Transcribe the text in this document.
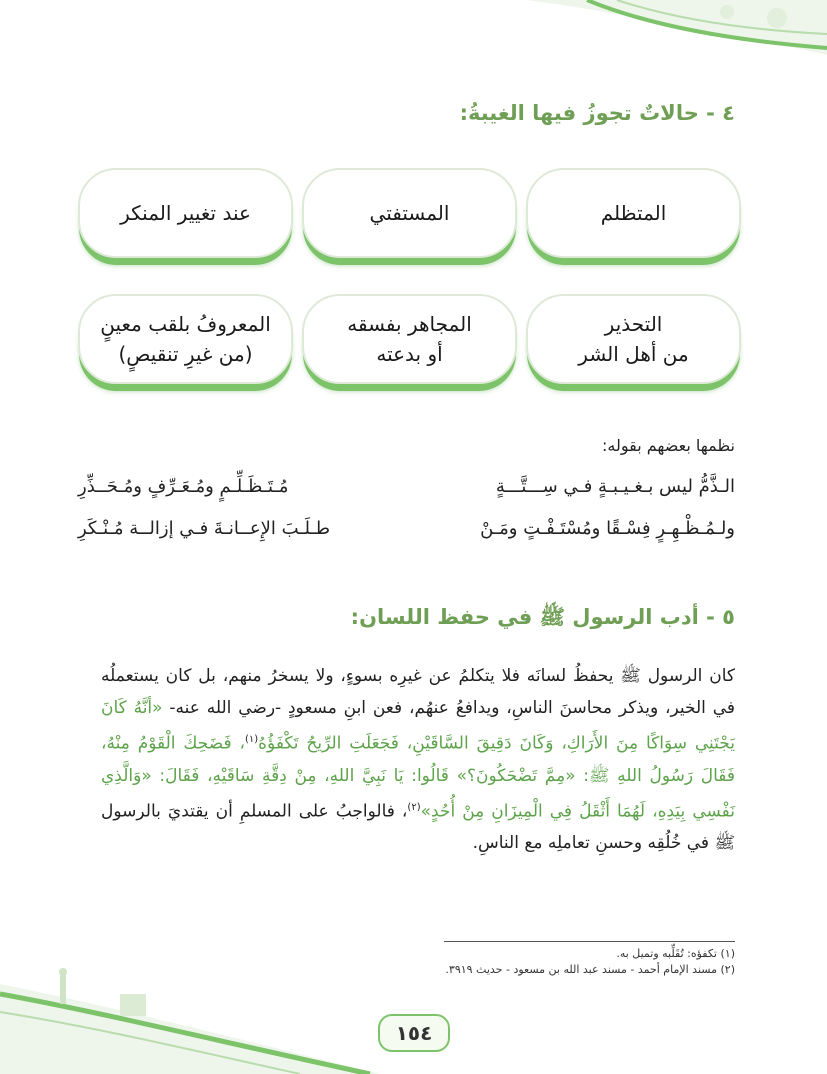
٤ - حالاتٌ تجوزُ فيها الغيبةُ:
المتظلم
المستفتي
عند تغيير المنكر
التحذير
من أهل الشر
المجاهر بفسقه
أو بدعته
المعروفُ بلقب معينٍ
(من غيرِ تنقيصٍ)
نظمها بعضهم بقوله:
الـذَّمُّ ليس بـغـيـبـةٍ فـي سِـــتَّـــةٍ
مُـتَـظَـلِّـمٍ ومُـعَـرِّفٍ ومُـحَــذِّرِ
ولـمُـظْـهِـرٍ فِسْـقًا ومُسْتَـفْـتٍ ومَـنْ
طـلَـبَ الإِعــانـةَ فـي إزالــة مُـنْـكَرِ
٥ - أدب الرسول ﷺ في حفظ اللسان:
كان الرسول ﷺ يحفظُ لسانَه فلا يتكلمُ عن غيرِه بسوءٍ، ولا يسخرُ منهم، بل كان يستعملُه في الخير، ويذكر محاسنَ الناسِ، ويدافعُ عنهُم، فعن ابنِ مسعودٍ -رضي الله عنه- «أنَّهُ كَانَ يَجْتَنِي سِوَاكًا مِنَ الأَرَاكِ، وَكَانَ دَقِيقَ السَّاقَيْنِ، فَجَعَلَتِ الرِّيحُ تَكْفَؤُهُ$^{(١)}$، فَضَحِكَ الْقَوْمُ مِنْهُ، فَقَالَ رَسُولُ اللهِ ﷺ: «مِمَّ تَضْحَكُونَ؟» قَالُوا: يَا نَبِيَّ اللهِ، مِنْ دِقَّةِ سَاقَيْهِ، فَقَالَ: «وَالَّذِي نَفْسِي بِيَدِهِ، لَهُمَا أَثْقَلُ فِي الْمِيزَانِ مِنْ أُحُدٍ»$^{(٢)}$، فالواجبُ على المسلمِ أن يقتديَ بالرسول ﷺ في خُلُقِه وحسنِ تعاملِه مع الناسِ.
(١) تكفؤه: تُقَلِّبه وتميل به.
(٢) مسند الإمام أحمد - مسند عبد الله بن مسعود - حديث ٣٩١٩.
١٥٤
